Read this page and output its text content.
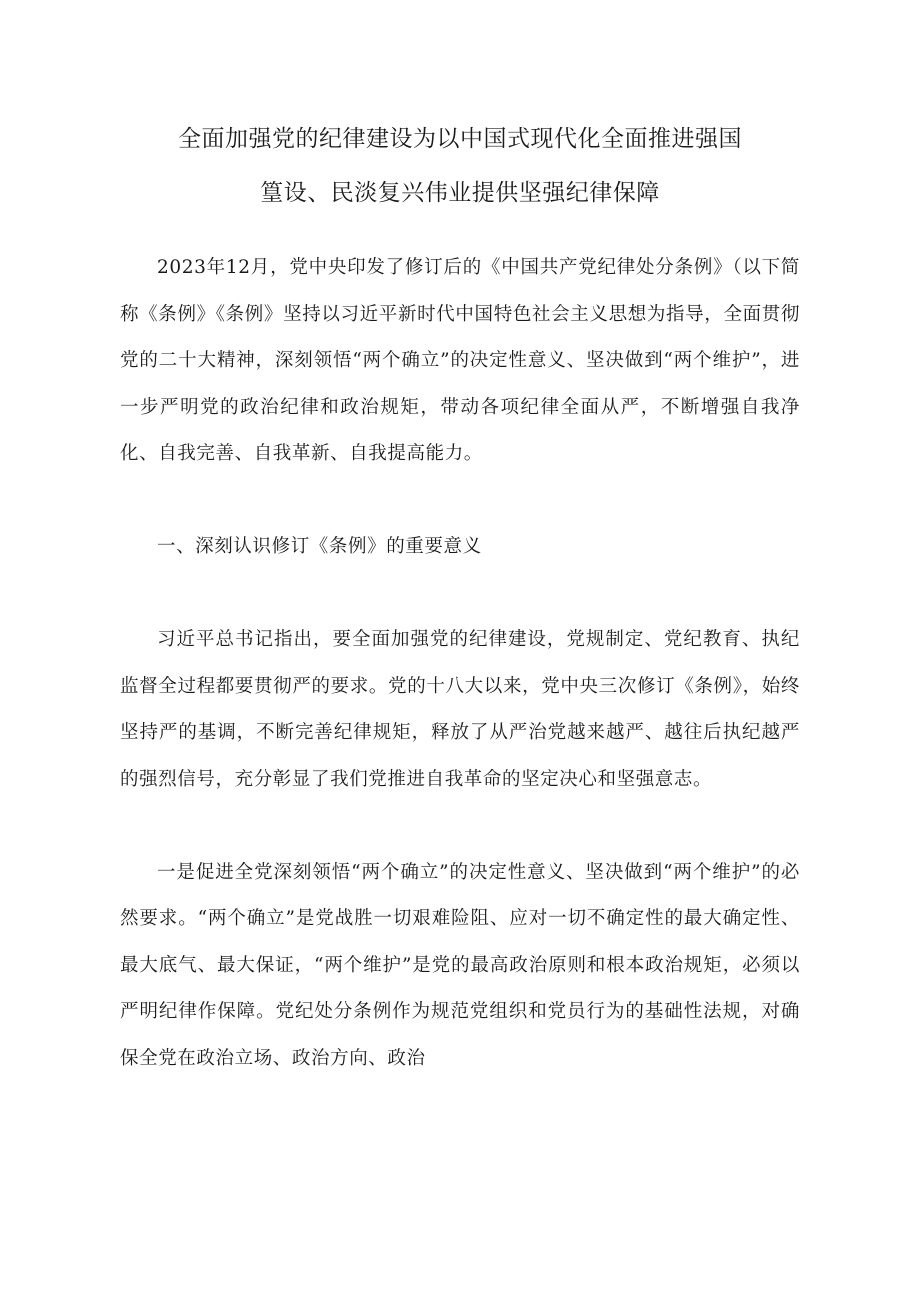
全面加强党的纪律建设为以中国式现代化全面推进强国
篁设、民淡复兴伟业提供坚强纪律保障

2023年12月，党中央印发了修订后的《中国共产党纪律处分条例》（以下简称《条例》《条例》坚持以习近平新时代中国特色社会主义思想为指导，全面贯彻党的二十大精神，深刻领悟“两个确立”的决定性意义、坚决做到“两个维护”，进一步严明党的政治纪律和政治规矩，带动各项纪律全面从严，不断增强自我净化、自我完善、自我革新、自我提高能力。

一、深刻认识修订《条例》的重要意义

习近平总书记指出，要全面加强党的纪律建设，党规制定、党纪教育、执纪监督全过程都要贯彻严的要求。党的十八大以来，党中央三次修订《条例》，始终坚持严的基调，不断完善纪律规矩，释放了从严治党越来越严、越往后执纪越严的强烈信号，充分彰显了我们党推进自我革命的坚定决心和坚强意志。

一是促进全党深刻领悟“两个确立”的决定性意义、坚决做到“两个维护”的必然要求。“两个确立”是党战胜一切艰难险阻、应对一切不确定性的最大确定性、最大底气、最大保证，“两个维护”是党的最高政治原则和根本政治规矩，必须以严明纪律作保障。党纪处分条例作为规范党组织和党员行为的基础性法规，对确保全党在政治立场、政治方向、政治
